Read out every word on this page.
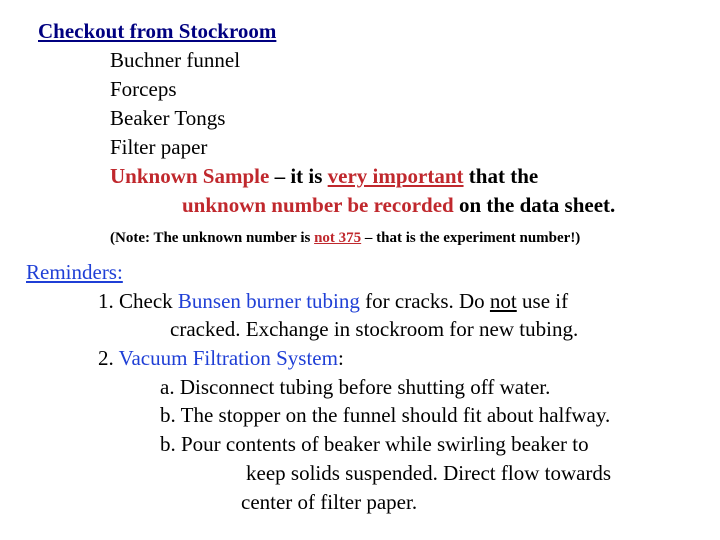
Checkout from Stockroom
Buchner funnel
Forceps
Beaker Tongs
Filter paper
Unknown Sample – it is very important that the
unknown number be recorded on the data sheet.
(Note: The unknown number is not 375 – that is the experiment number!)
Reminders:
1. Check Bunsen burner tubing for cracks. Do not use if
cracked. Exchange in stockroom for new tubing.
2. Vacuum Filtration System:
a. Disconnect tubing before shutting off water.
b. The stopper on the funnel should fit about halfway.
b. Pour contents of beaker while swirling beaker to
keep solids suspended. Direct flow towards
center of filter paper.
